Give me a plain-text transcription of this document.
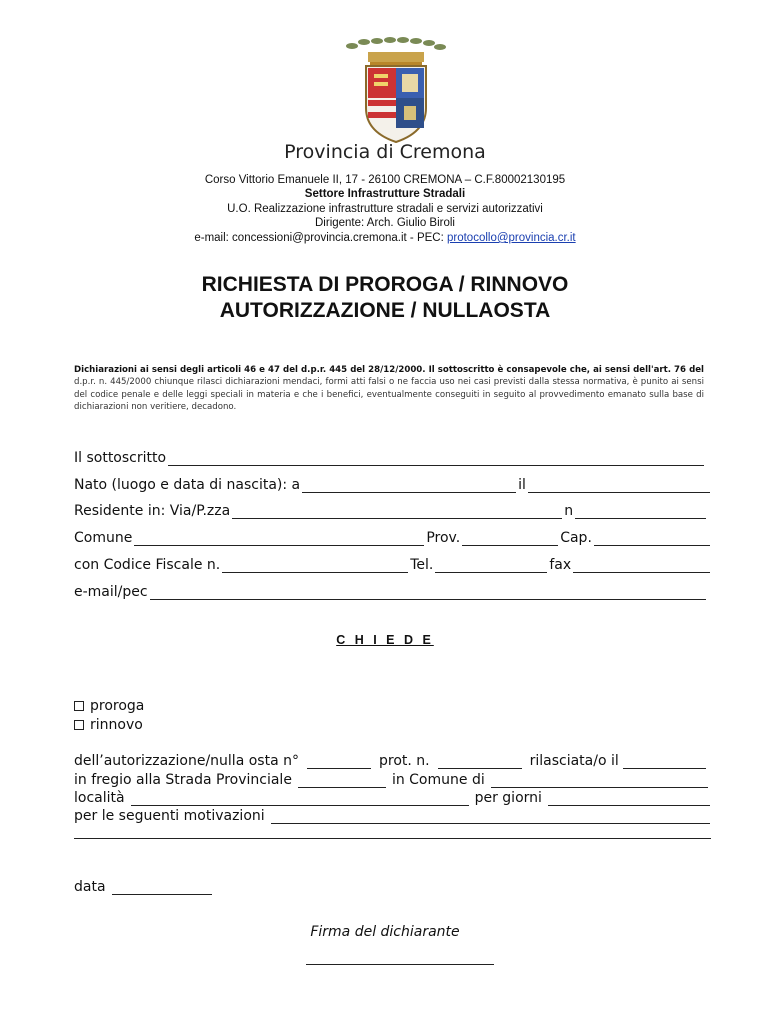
Provincia di Cremona
Corso Vittorio Emanuele II, 17 - 26100 CREMONA – C.F.80002130195
Settore Infrastrutture Stradali
U.O. Realizzazione infrastrutture stradali e servizi autorizzativi
Dirigente: Arch. Giulio Biroli
e-mail: concessioni@provincia.cremona.it - PEC: protocollo@provincia.cr.it
RICHIESTA DI PROROGA / RINNOVO
AUTORIZZAZIONE / NULLAOSTA
Dichiarazioni ai sensi degli articoli 46 e 47 del d.p.r. 445 del 28/12/2000. Il sottoscritto è consapevole che, ai sensi dell'art. 76 del d.p.r. n. 445/2000 chiunque rilasci dichiarazioni mendaci, formi atti falsi o ne faccia uso nei casi previsti dalla stessa normativa, è punito ai sensi del codice penale e delle leggi speciali in materia e che i benefici, eventualmente conseguiti in seguito al provvedimento emanato sulla base di dichiarazioni non veritiere, decadono.
Il sottoscritto
Nato (luogo e data di nascita): a	il
Residente in: Via/P.zza	n
Comune	Prov.	Cap.
con Codice Fiscale n.	Tel.	fax
e-mail/pec
C H I E D E
proroga
rinnovo
dell’autorizzazione/nulla osta n°	prot. n.	rilasciata/o il
in fregio alla Strada Provinciale	in Comune di
località	per giorni
per le seguenti motivazioni
data
Firma del dichiarante
